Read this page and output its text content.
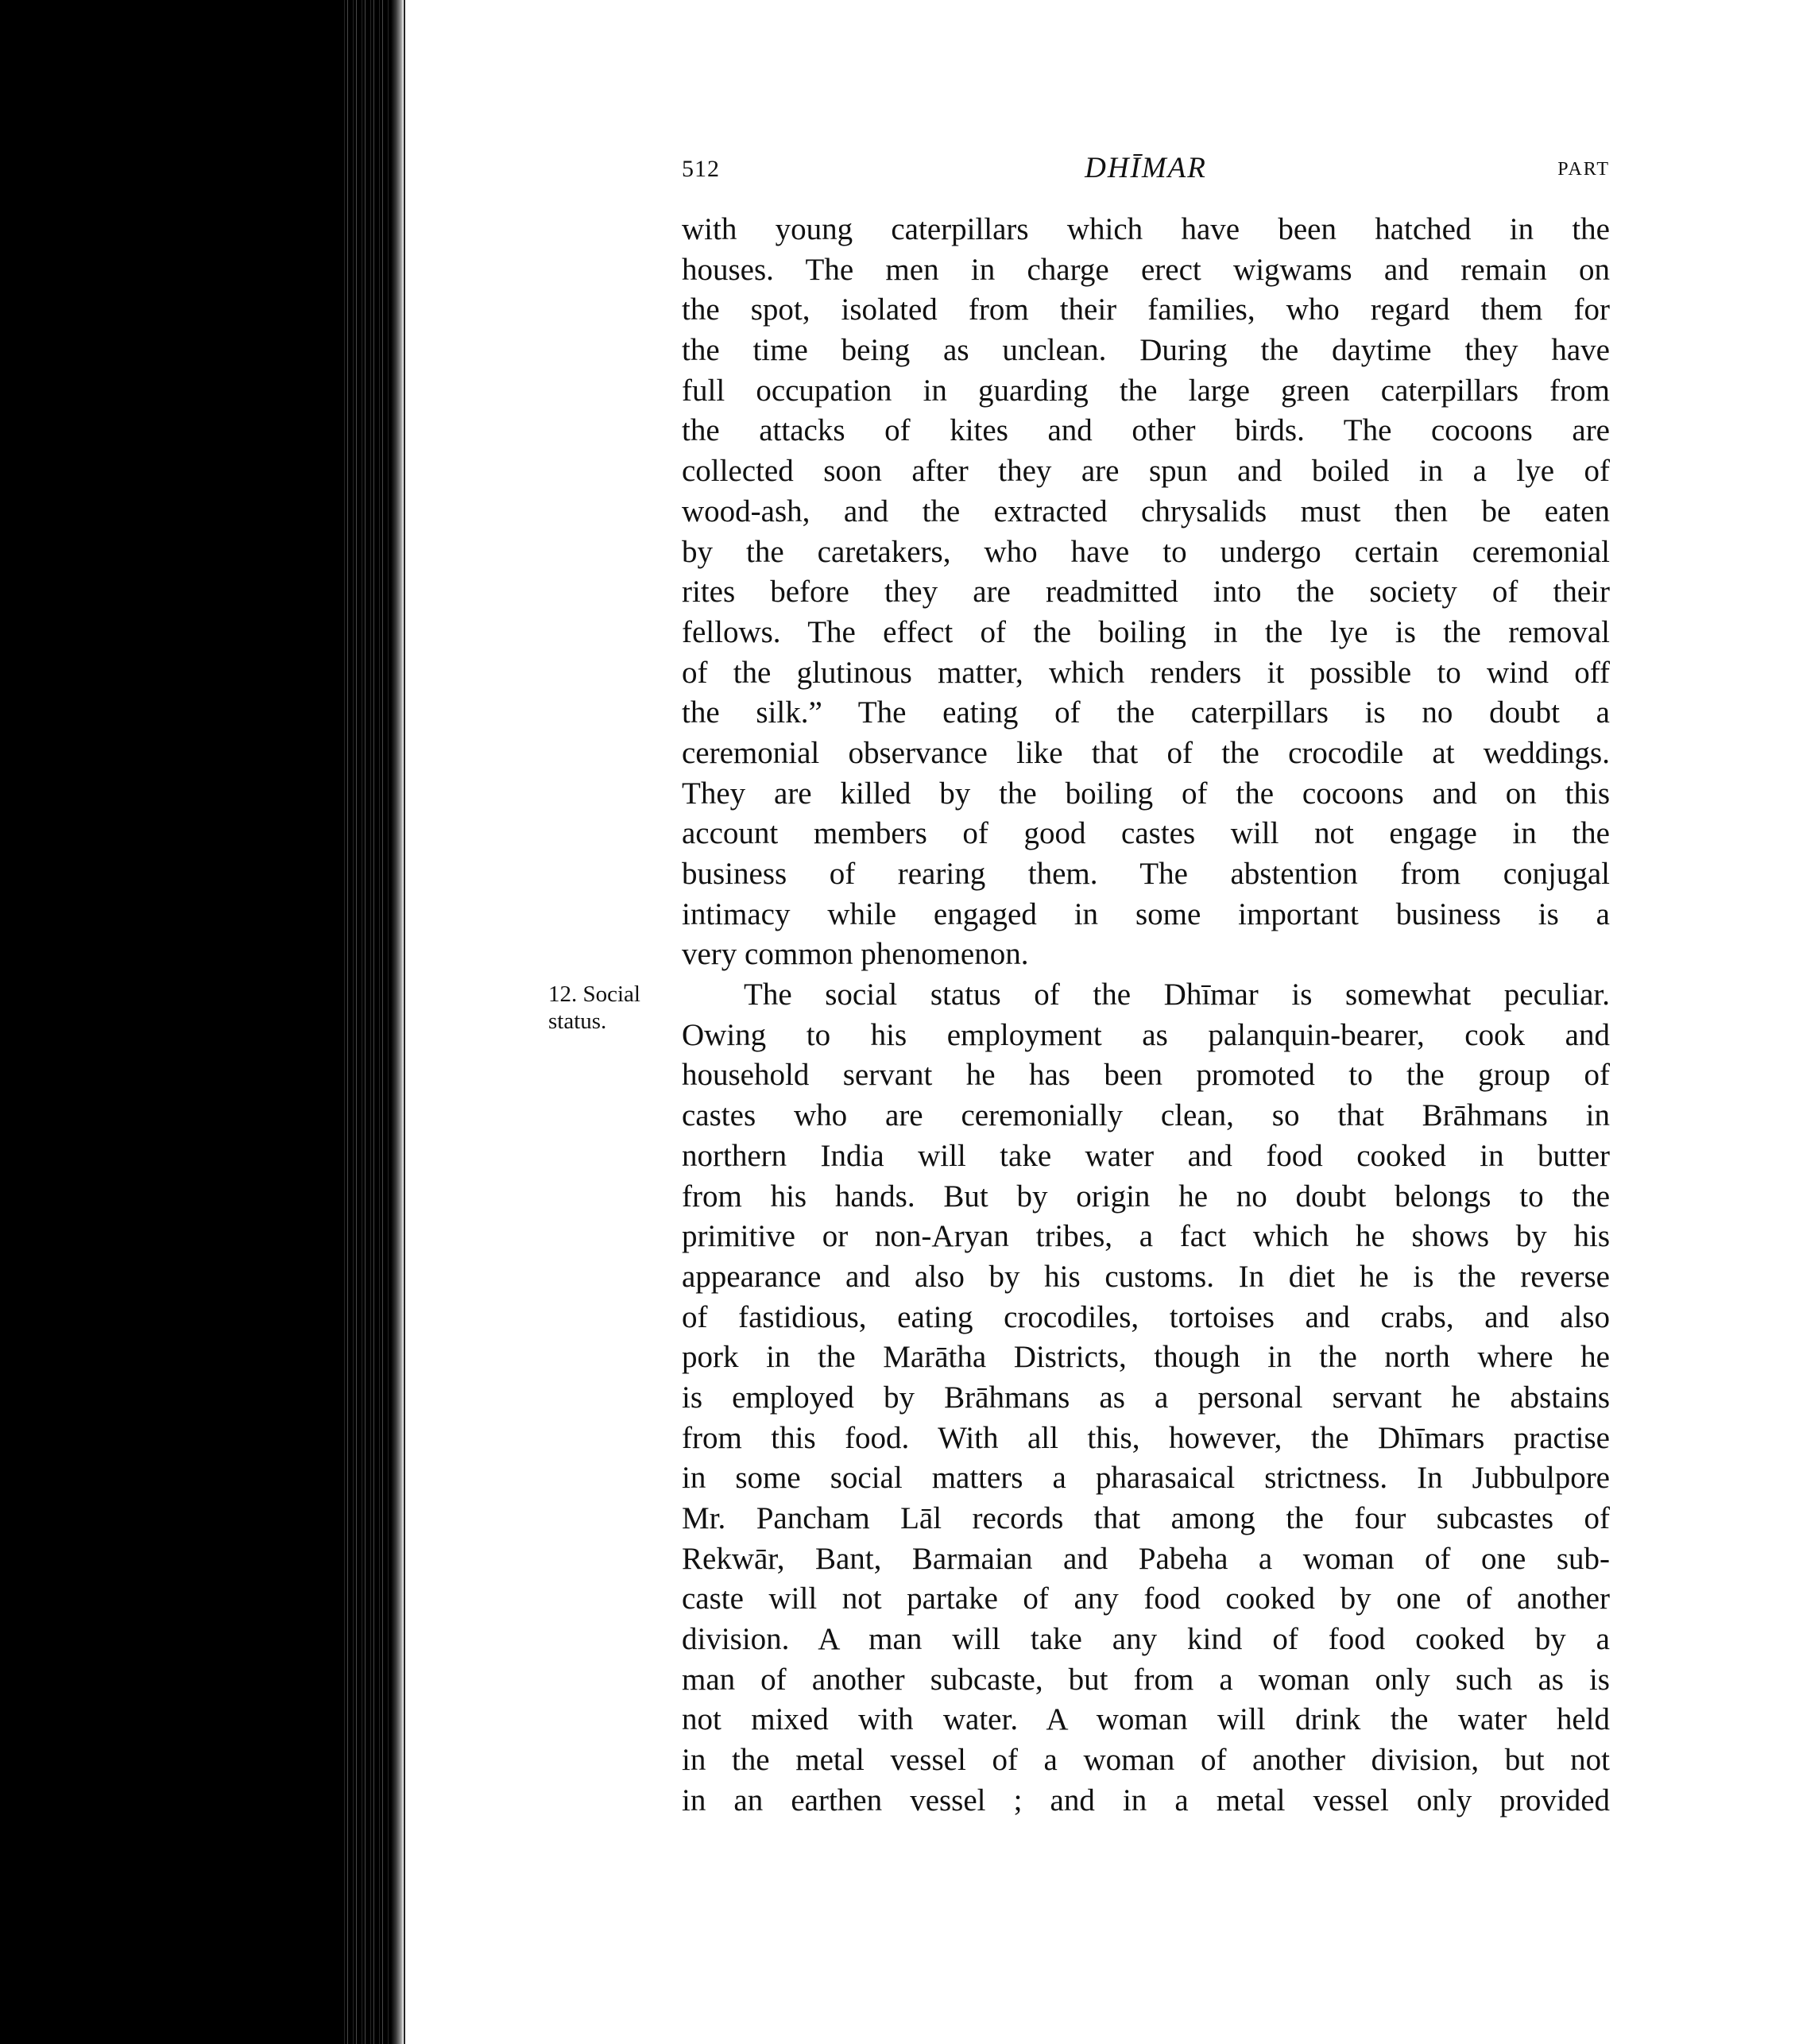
512	DHĪMAR	PART
12. Social
status.
with young caterpillars which have been hatched in the
houses. The men in charge erect wigwams and remain on
the spot, isolated from their families, who regard them for
the time being as unclean. During the daytime they have
full occupation in guarding the large green caterpillars from
the attacks of kites and other birds. The cocoons are
collected soon after they are spun and boiled in a lye of
wood-ash, and the extracted chrysalids must then be eaten
by the caretakers, who have to undergo certain ceremonial
rites before they are readmitted into the society of their
fellows. The effect of the boiling in the lye is the removal
of the glutinous matter, which renders it possible to wind off
the silk.” The eating of the caterpillars is no doubt a
ceremonial observance like that of the crocodile at weddings.
They are killed by the boiling of the cocoons and on this
account members of good castes will not engage in the
business of rearing them. The abstention from conjugal
intimacy while engaged in some important business is a
very common phenomenon.
The social status of the Dhīmar is somewhat peculiar.
Owing to his employment as palanquin-bearer, cook and
household servant he has been promoted to the group of
castes who are ceremonially clean, so that Brāhmans in
northern India will take water and food cooked in butter
from his hands. But by origin he no doubt belongs to the
primitive or non-Aryan tribes, a fact which he shows by his
appearance and also by his customs. In diet he is the reverse
of fastidious, eating crocodiles, tortoises and crabs, and also
pork in the Marātha Districts, though in the north where he
is employed by Brāhmans as a personal servant he abstains
from this food. With all this, however, the Dhīmars practise
in some social matters a pharasaical strictness. In Jubbulpore
Mr. Pancham Lāl records that among the four subcastes of
Rekwār, Bant, Barmaian and Pabeha a woman of one sub-
caste will not partake of any food cooked by one of another
division. A man will take any kind of food cooked by a
man of another subcaste, but from a woman only such as is
not mixed with water. A woman will drink the water held
in the metal vessel of a woman of another division, but not
in an earthen vessel ; and in a metal vessel only provided
